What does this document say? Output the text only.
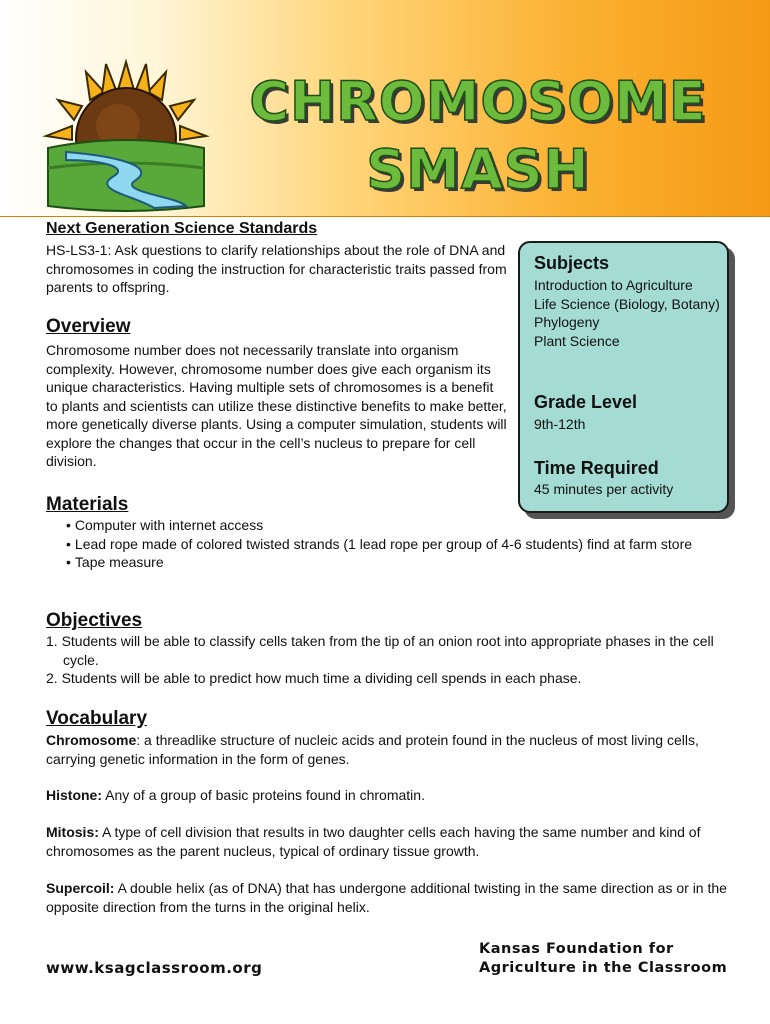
CHROMOSOME
SMASH
Next Generation Science Standards

HS-LS3-1: Ask questions to clarify relationships about the role of DNA and chromosomes in coding the instruction for characteristic traits passed from parents to offspring.

Overview

Chromosome number does not necessarily translate into organism complexity. However, chromosome number does give each organism its unique characteristics. Having multiple sets of chromosomes is a benefit to plants and scientists can utilize these distinctive benefits to make better, more genetically diverse plants. Using a computer simulation, students will explore the changes that occur in the cell’s nucleus to prepare for cell division.

Subjects
Introduction to Agriculture
Life Science (Biology, Botany)
Phylogeny
Plant Science
Grade Level
9th-12th
Time Required
45 minutes per activity
Materials
• Computer with internet access
• Lead rope made of colored twisted strands (1 lead rope per group of 4-6 students) find at farm store
• Tape measure
Objectives
1. Students will be able to classify cells taken from the tip of an onion root into appropriate phases in the cell cycle.
2. Students will be able to predict how much time a dividing cell spends in each phase.
Vocabulary

Chromosome: a threadlike structure of nucleic acids and protein found in the nucleus of most living cells, carrying genetic information in the form of genes.

Histone: Any of a group of basic proteins found in chromatin.

Mitosis: A type of cell division that results in two daughter cells each having the same number and kind of chromosomes as the parent nucleus, typical of ordinary tissue growth.

Supercoil: A double helix (as of DNA) that has undergone additional twisting in the same direction as or in the opposite direction from the turns in the original helix.

www.ksagclassroom.org
Kansas Foundation for
Agriculture in the Classroom
